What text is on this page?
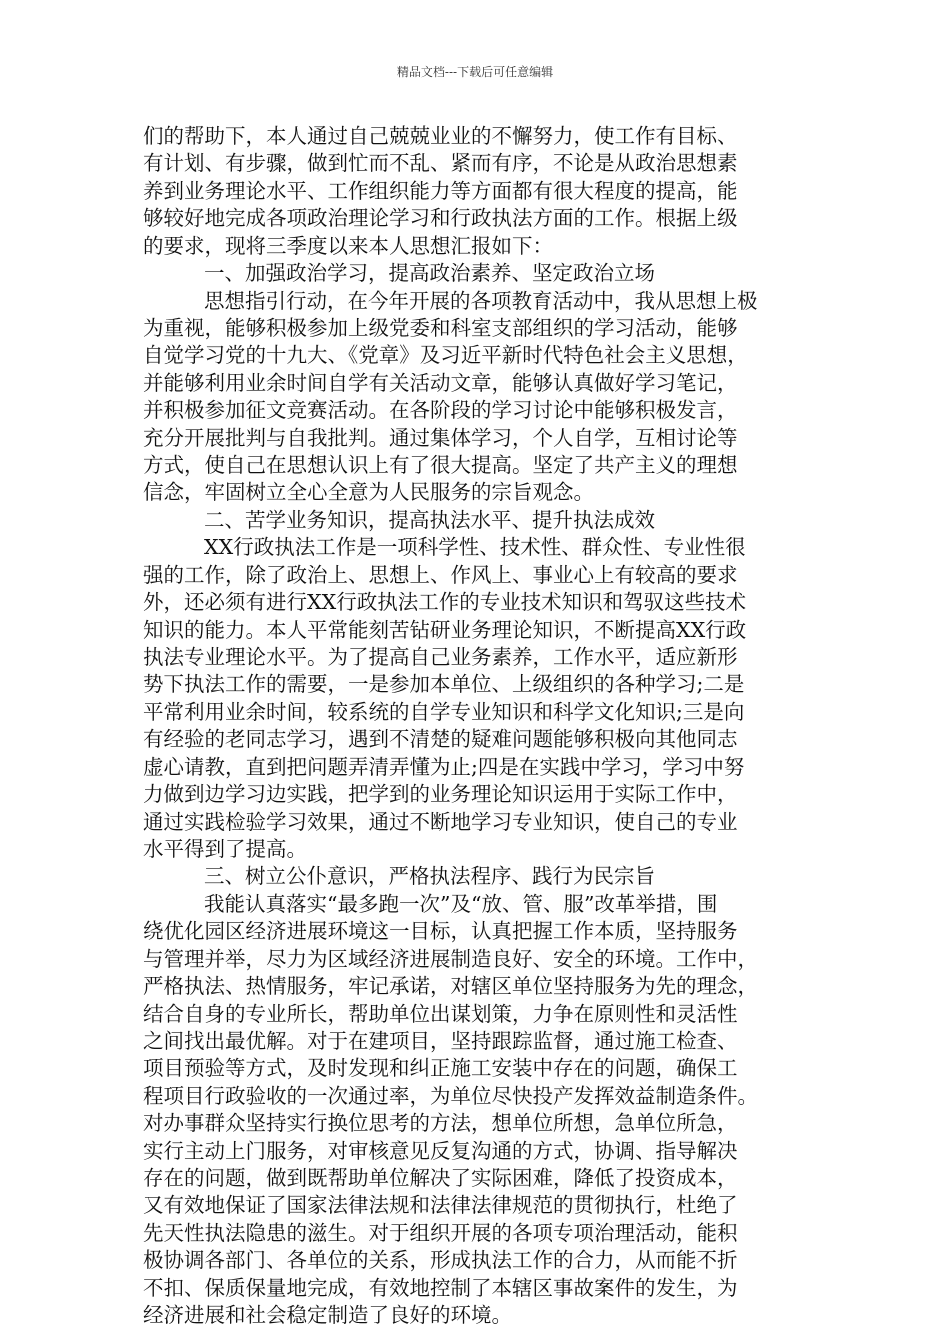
精品文档---下载后可任意编辑
们的帮助下，本人通过自己兢兢业业的不懈努力，使工作有目标、
有计划、有步骤，做到忙而不乱、紧而有序，不论是从政治思想素
养到业务理论水平、工作组织能力等方面都有很大程度的提高，能
够较好地完成各项政治理论学习和行政执法方面的工作。根据上级
的要求，现将三季度以来本人思想汇报如下：
一、加强政治学习，提高政治素养、坚定政治立场
思想指引行动，在今年开展的各项教育活动中，我从思想上极
为重视，能够积极参加上级党委和科室支部组织的学习活动，能够
自觉学习党的十九大、《党章》及习近平新时代特色社会主义思想，
并能够利用业余时间自学有关活动文章，能够认真做好学习笔记，
并积极参加征文竞赛活动。在各阶段的学习讨论中能够积极发言，
充分开展批判与自我批判。通过集体学习，个人自学，互相讨论等
方式，使自己在思想认识上有了很大提高。坚定了共产主义的理想
信念，牢固树立全心全意为人民服务的宗旨观念。
二、苦学业务知识，提高执法水平、提升执法成效
XX行政执法工作是一项科学性、技术性、群众性、专业性很
强的工作，除了政治上、思想上、作风上、事业心上有较高的要求
外，还必须有进行XX行政执法工作的专业技术知识和驾驭这些技术
知识的能力。本人平常能刻苦钻研业务理论知识，不断提高XX行政
执法专业理论水平。为了提高自己业务素养，工作水平，适应新形
势下执法工作的需要，一是参加本单位、上级组织的各种学习;二是
平常利用业余时间，较系统的自学专业知识和科学文化知识;三是向
有经验的老同志学习，遇到不清楚的疑难问题能够积极向其他同志
虚心请教，直到把问题弄清弄懂为止;四是在实践中学习，学习中努
力做到边学习边实践，把学到的业务理论知识运用于实际工作中，
通过实践检验学习效果，通过不断地学习专业知识，使自己的专业
水平得到了提高。
三、树立公仆意识，严格执法程序、践行为民宗旨
我能认真落实“最多跑一次”及“放、管、服”改革举措，围
绕优化园区经济进展环境这一目标，认真把握工作本质，坚持服务
与管理并举，尽力为区域经济进展制造良好、安全的环境。工作中，
严格执法、热情服务，牢记承诺，对辖区单位坚持服务为先的理念，
结合自身的专业所长，帮助单位出谋划策，力争在原则性和灵活性
之间找出最优解。对于在建项目，坚持跟踪监督，通过施工检查、
项目预验等方式，及时发现和纠正施工安装中存在的问题，确保工
程项目行政验收的一次通过率，为单位尽快投产发挥效益制造条件。
对办事群众坚持实行换位思考的方法，想单位所想，急单位所急，
实行主动上门服务，对审核意见反复沟通的方式，协调、指导解决
存在的问题，做到既帮助单位解决了实际困难，降低了投资成本，
又有效地保证了国家法律法规和法律法律规范的贯彻执行，杜绝了
先天性执法隐患的滋生。对于组织开展的各项专项治理活动，能积
极协调各部门、各单位的关系，形成执法工作的合力，从而能不折
不扣、保质保量地完成，有效地控制了本辖区事故案件的发生，为
经济进展和社会稳定制造了良好的环境。
